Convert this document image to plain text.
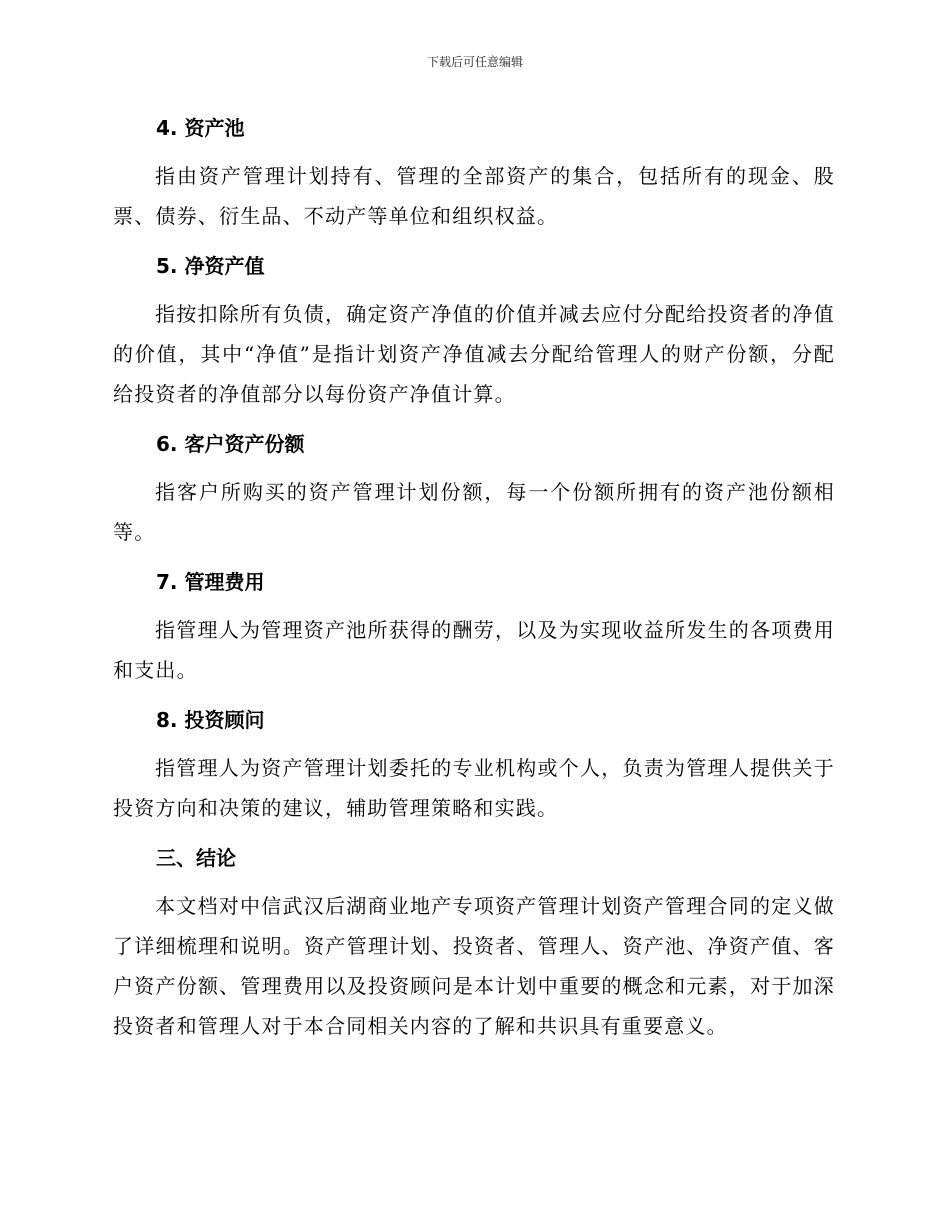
下载后可任意编辑
4. 资产池

指由资产管理计划持有、管理的全部资产的集合，包括所有的现金、股票、债券、衍生品、不动产等单位和组织权益。

5. 净资产值

指按扣除所有负债，确定资产净值的价值并减去应付分配给投资者的净值的价值，其中“净值”是指计划资产净值减去分配给管理人的财产份额，分配给投资者的净值部分以每份资产净值计算。

6. 客户资产份额

指客户所购买的资产管理计划份额，每一个份额所拥有的资产池份额相等。

7. 管理费用

指管理人为管理资产池所获得的酬劳，以及为实现收益所发生的各项费用和支出。

8. 投资顾问

指管理人为资产管理计划委托的专业机构或个人，负责为管理人提供关于投资方向和决策的建议，辅助管理策略和实践。

三、结论

本文档对中信武汉后湖商业地产专项资产管理计划资产管理合同的定义做了详细梳理和说明。资产管理计划、投资者、管理人、资产池、净资产值、客户资产份额、管理费用以及投资顾问是本计划中重要的概念和元素，对于加深投资者和管理人对于本合同相关内容的了解和共识具有重要意义。
